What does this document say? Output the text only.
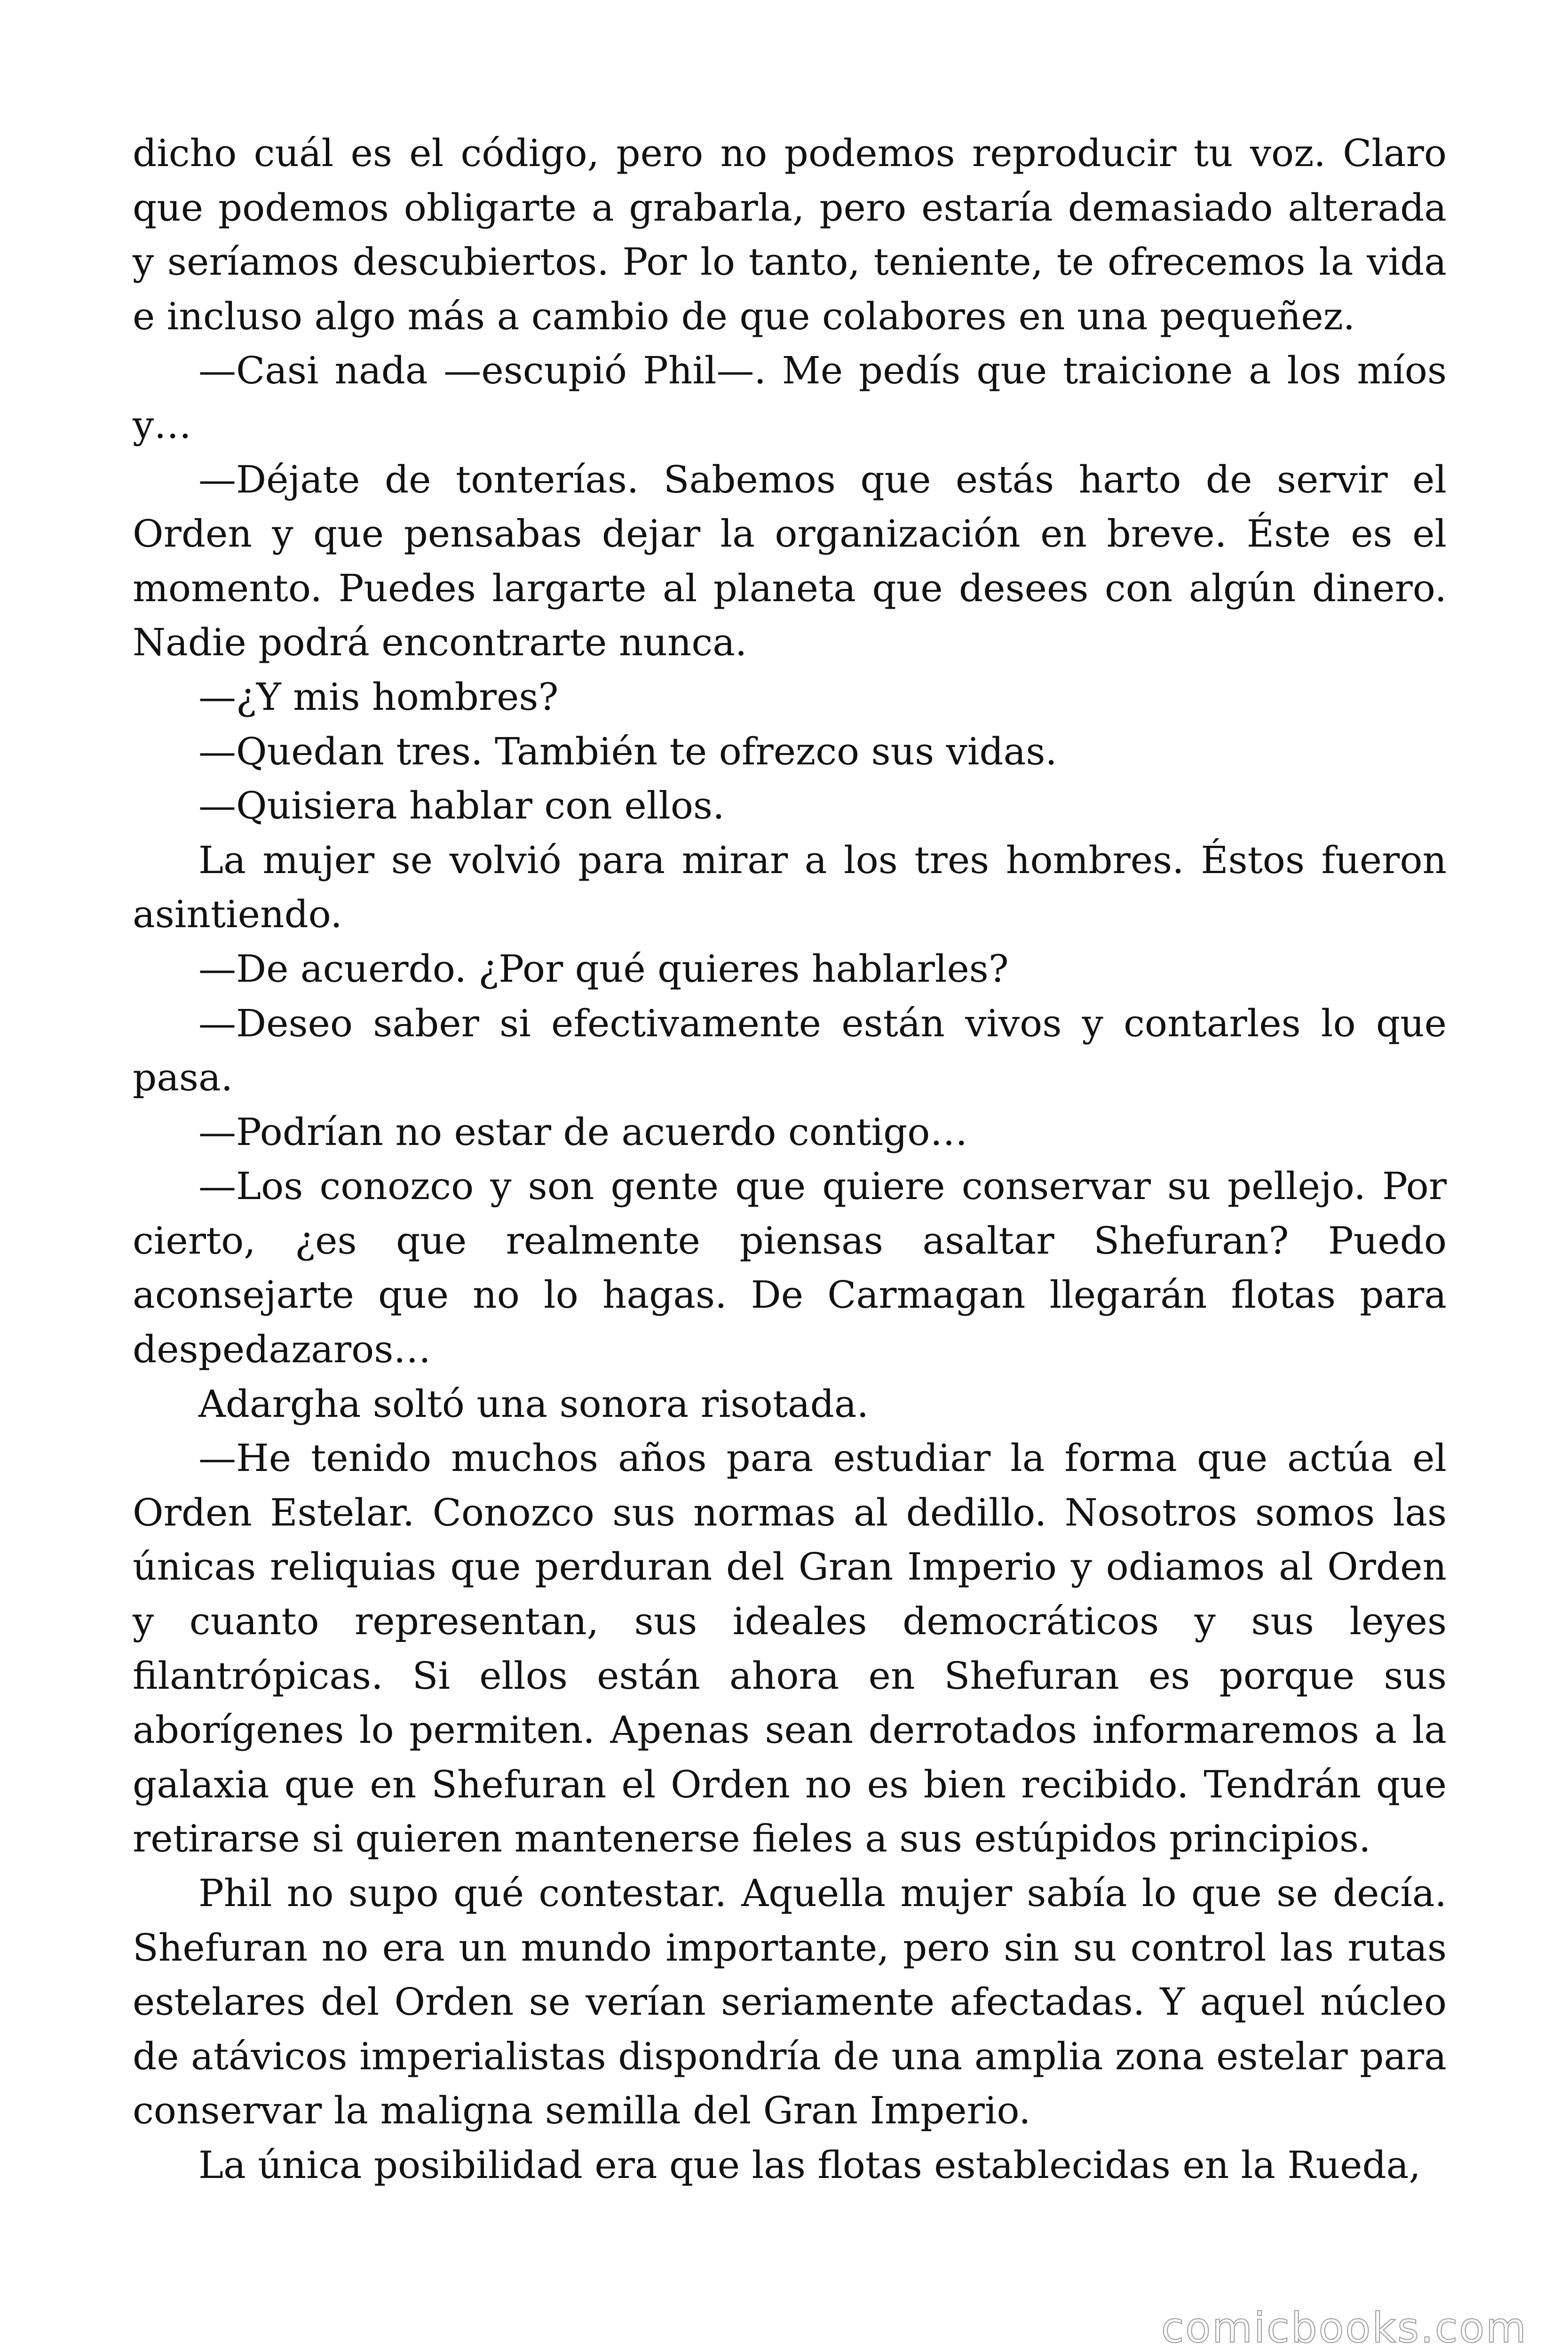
dicho cuál es el código, pero no podemos reproducir tu voz. Claro que podemos obligarte a grabarla, pero estaría demasiado alterada y seríamos descubiertos. Por lo tanto, teniente, te ofrecemos la vida e incluso algo más a cambio de que colabores en una pequeñez.

—Casi nada —escupió Phil—. Me pedís que traicione a los míos y…

—Déjate de tonterías. Sabemos que estás harto de servir el Orden y que pensabas dejar la organización en breve. Éste es el momento. Puedes largarte al planeta que desees con algún dinero. Nadie podrá encontrarte nunca.

—¿Y mis hombres?

—Quedan tres. También te ofrezco sus vidas.

—Quisiera hablar con ellos.

La mujer se volvió para mirar a los tres hombres. Éstos fueron asintiendo.

—De acuerdo. ¿Por qué quieres hablarles?

—Deseo saber si efectivamente están vivos y contarles lo que pasa.

—Podrían no estar de acuerdo contigo…

—Los conozco y son gente que quiere conservar su pellejo. Por cierto, ¿es que realmente piensas asaltar Shefuran? Puedo aconsejarte que no lo hagas. De Carmagan llegarán flotas para despedazaros…

Adargha soltó una sonora risotada.

—He tenido muchos años para estudiar la forma que actúa el Orden Estelar. Conozco sus normas al dedillo. Nosotros somos las únicas reliquias que perduran del Gran Imperio y odiamos al Orden y cuanto representan, sus ideales democráticos y sus leyes filantrópicas. Si ellos están ahora en Shefuran es porque sus aborígenes lo permiten. Apenas sean derrotados informaremos a la galaxia que en Shefuran el Orden no es bien recibido. Tendrán que retirarse si quieren mantenerse fieles a sus estúpidos principios.

Phil no supo qué contestar. Aquella mujer sabía lo que se decía. Shefuran no era un mundo importante, pero sin su control las rutas estelares del Orden se verían seriamente afectadas. Y aquel núcleo de atávicos imperialistas dispondría de una amplia zona estelar para conservar la maligna semilla del Gran Imperio.

La única posibilidad era que las flotas establecidas en la Rueda,

comicbooks.com
